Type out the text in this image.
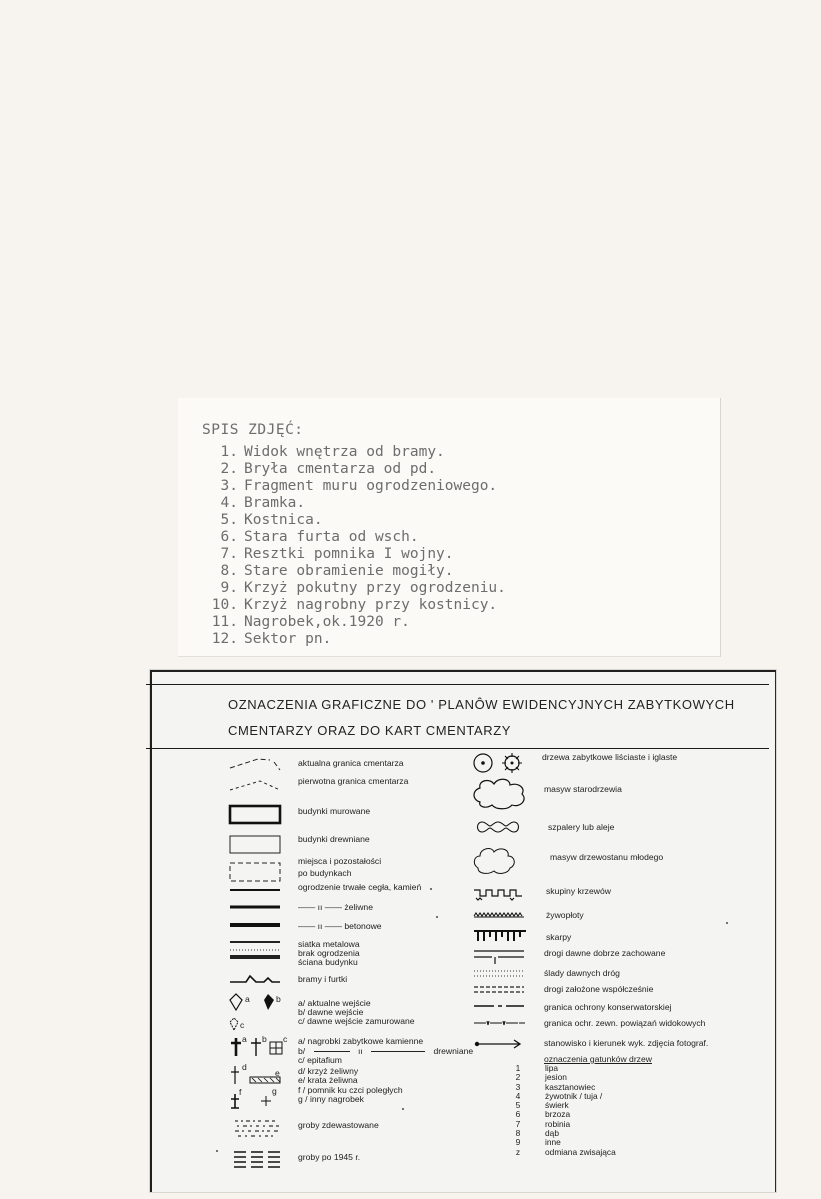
SPIS ZDJĘĆ:
1. Widok wnętrza od bramy.
2. Bryła cmentarza od pd.
3. Fragment muru ogrodzeniowego.
4. Bramka.
5. Kostnica.
6. Stara furta od wsch.
7. Resztki pomnika I wojny.
8. Stare obramienie mogiły.
9. Krzyż pokutny przy ogrodzeniu.
10. Krzyż nagrobny przy kostnicy.
11. Nagrobek,ok.1920 r.
12. Sektor pn.
OZNACZENIA GRAFICZNE DO ' PLANÔW EWIDENCYJNYCH ZABYTKOWYCH
CMENTARZY ORAZ DO KART CMENTARZY
aktualna granica cmentarza
pierwotna granica cmentarza
budynki murowane
budynki drewniane
miejsca i pozostałości
po budynkach
ogrodzenie trwałe cegła, kamień
—— ıı —— żeliwne
—— ıı —— betonowe
siatka metalowa
brak ogrodzenia
ściana budynku
bramy i furtki
a	b
c
a/ aktualne wejście
b/ dawne wejście
c/ dawne wejście zamurowane
a b c a/ nagrobki zabytkowe kamienne
b/	ıı	drewniane
c/ epitafium
d
e d/ krzyż żeliwny
e/ krata żeliwna
f	g f / pomnik ku czci poległych
g / inny nagrobek
groby zdewastowane
groby po 1945 r.
drzewa zabytkowe liściaste i iglaste
masyw starodrzewia
szpalery lub aleje
masyw drzewostanu młodego
skupiny krzewów
żywopłoty
skarpy
drogi dawne dobrze zachowane
ślady dawnych dróg
drogi założone współcześnie
granica ochrony konserwatorskiej
granica ochr. zewn. powiązań widokowych
stanowisko i kierunek wyk. zdjęcia fotograf.
oznaczenia gatunków drzew
1	lipa
2	jesion
3	kasztanowiec
4	żywotnik / tuja /
5	świerk
6	brzoza
7	robinia
8	dąb
9	inne
z	odmiana zwisająca
